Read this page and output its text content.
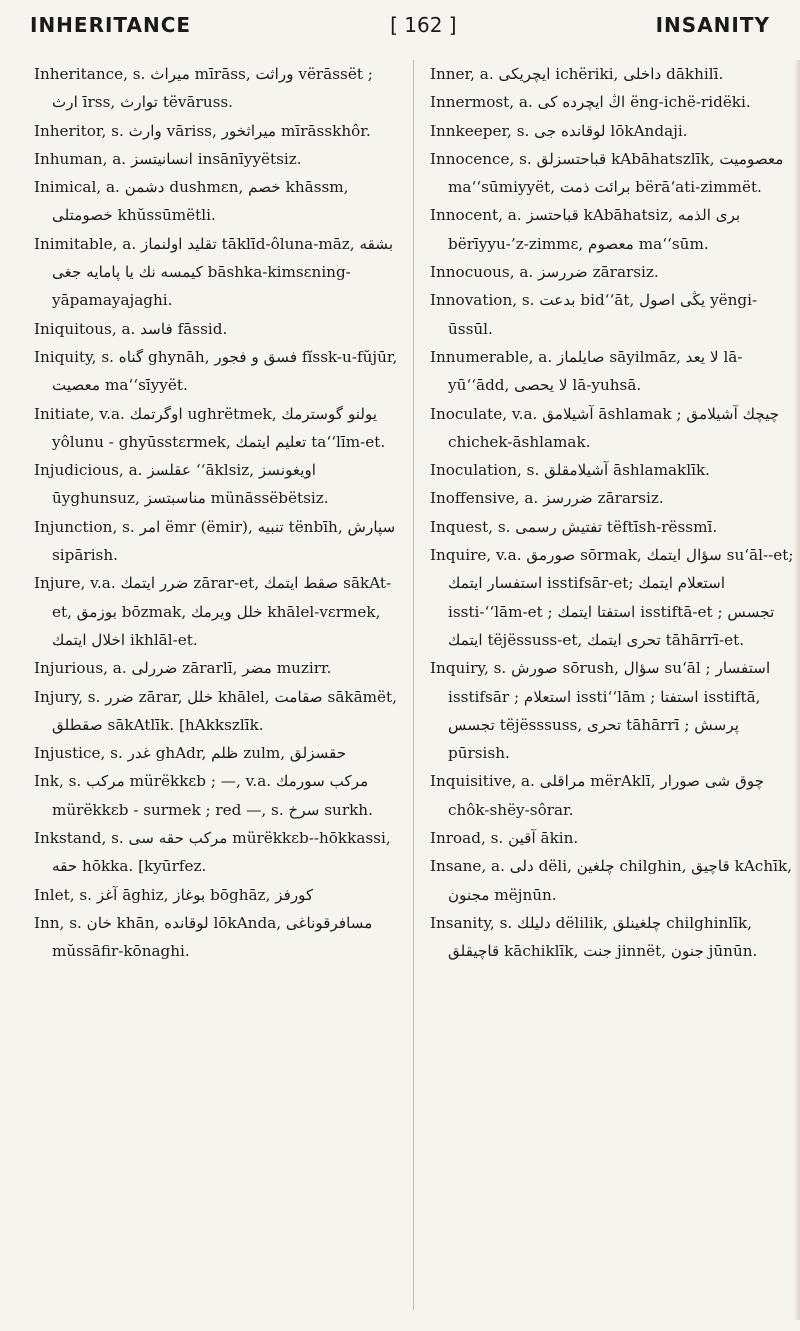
INHERITANCE	[ 162 ]	INSANITY

Inheritance, s. ميراث mīrāss, وراثت vërāssët ; ارث īrss, توارث tëvāruss.

Inheritor, s. وارث vāriss, ميراثخور mīrāsskhôr.

Inhuman, a. انسانيتسز insānīyyëtsiz.

Inimical, a. دشمن dushmɛn, خصم khāssm, خصومتلى khŭssūmëtli.

Inimitable, a. تقليد اولنماز tāklīd-ôluna-māz, بشقه كيمسه نك يا پامايه جغى bāshka-kimsɛning-yāpamayajaghi.

Iniquitous, a. فاسد fāssid.

Iniquity, s. گناه ghynāh, فسق و فجور fĭssk-u-fŭjūr, معصيت ma‘‘sīyyët.

Initiate, v.a. اوگرتمك ughrëtmek, يولنو گوسترمك yôlunu - ghyūsstɛrmek, تعليم ايتمك ta‘‘līm-et.

Injudicious, a. عقلسز ‘‘āklsiz, اويغونسز ūyghunsuz, مناسبتسز münāssëbëtsiz.

Injunction, s. امر ëmr (ëmir), تنبيه tënbīh, سپارش sipārish.

Injure, v.a. ضرر ايتمك zārar-et, صقط ايتمك sākAt-et, بوزمق bōzmak, خلل ويرمك khālel-vɛrmek, اخلال ايتمك ikhlāl-et.

Injurious, a. ضررلى zārarlī, مضر muzirr.

Injury, s. ضرر zārar, خلل khālel, صقامت sākāmët, صقطلق sākAtlīk. [hAkkszlīk.

Injustice, s. غدر ghAdr, ظلم zulm, حقسزلق

Ink, s. مركب mürëkkɛb ; —, v.a. مركب سورمك mürëkkɛb - surmek ; red —, s. سرخ surkh.

Inkstand, s. مركب حقه سى mürëkkɛb--hōkkassi, حقه hōkka. [kyūrfez.

Inlet, s. آغز āghiz, بوغاز bōghāz, كورفز

Inn, s. خان khān, لوقانده lōkAnda, مسافرقوناغى mŭssāfir-kōnaghi.

Inner, a. ايچريكى ichëriki, داخلى dākhilī.

Innermost, a. اڭ ايچرده كى ëng-ichë-ridëki.

Innkeeper, s. لوقانده جى lōkAndaji.

Innocence, s. قباحتسزلق kAbāhatszlīk, معصوميت ma‘‘sūmiyyët, برائت ذمت bërā‘ati-zimmët.

Innocent, a. قباحتسز kAbāhatsiz, برى الذمه bërīyyu-’z-zimmɛ, معصوم ma‘‘sūm.

Innocuous, a. ضررسز zārarsiz.

Innovation, s. بدعت bid‘‘āt, يڭى اصول yëngi-ūssūl.

Innumerable, a. صايلماز sāyilmāz, لا يعد lā-yū‘‘ādd, لا يحصى lā-yuhsā.

Inoculate, v.a. آشيلامق āshlamak ; چيچك آشيلامق chichek-āshlamak.

Inoculation, s. آشيلامقلق āshlamaklīk.

Inoffensive, a. ضررسز zārarsiz.

Inquest, s. تفتيش رسمى tëftīsh-rëssmī.

Inquire, v.a. صورمق sōrmak, سؤال ايتمك su‘āl--et; استفسار ايتمك isstifsār-et; استعلام ايتمك issti-‘‘lām-et ; استفتا ايتمك isstiftā-et ; تجسس ايتمك tëjëssuss-et, تحرى ايتمك tāhārrī-et.

Inquiry, s. صورش sōrush, سؤال su‘āl ; استفسار isstifsār ; استعلام issti‘‘lām ; استفتا isstiftā, تجسس tëjësssuss, تحرى tāhārrī ; پرسش pūrsish.

Inquisitive, a. مراقلى mërAklī, چوق شى صورار chôk-shëy-sôrar.

Inroad, s. آقين ākin.

Insane, a. دلى dëli, چلغين chilghin, قاچيق kAchīk, مجنون mëjnūn.

Insanity, s. دليلك dëlilik, چلغينلق chilghinlīk, قاچيقلق kāchiklīk, جنت jinnët, جنون jūnūn.
